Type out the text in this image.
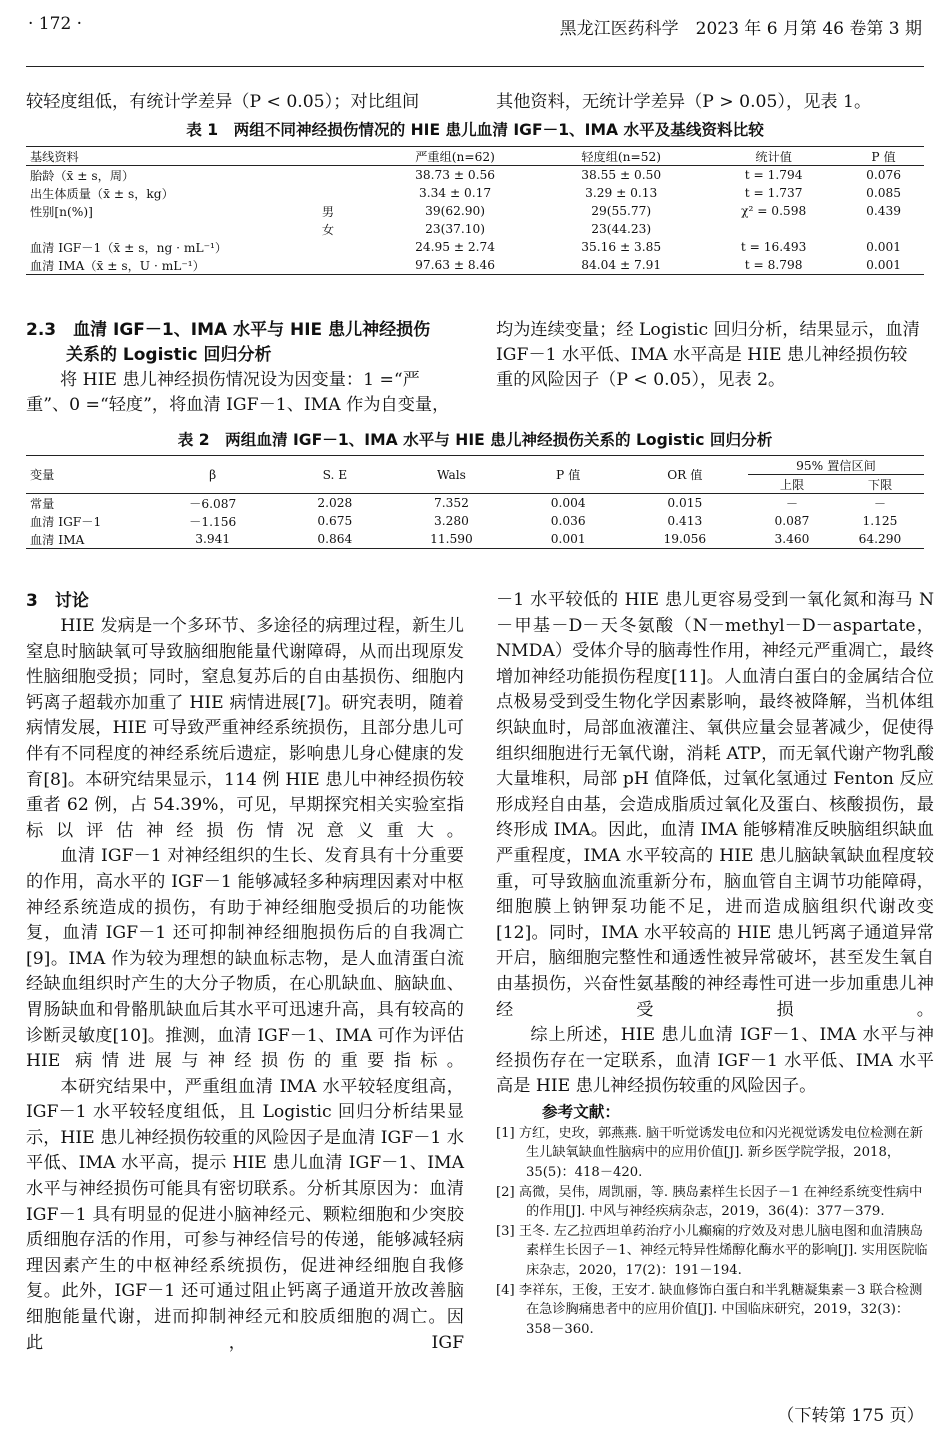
· 172 ·	黑龙江医药科学　2023 年 6 月第 46 卷第 3 期
较轻度组低，有统计学差异（P < 0.05）；对比组间	其他资料，无统计学差异（P > 0.05），见表 1。
表 1　两组不同神经损伤情况的 HIE 患儿血清 IGF－1、IMA 水平及基线资料比较
基线资料		严重组(n=62)	轻度组(n=52)	统计值	P 值
胎龄（x̄ ± s，周）		38.73 ± 0.56	38.55 ± 0.50	t = 1.794	0.076
出生体质量（x̄ ± s，kg）		3.34 ± 0.17	3.29 ± 0.13	t = 1.737	0.085
性别[n(%)]	男	39(62.90)	29(55.77)	χ² = 0.598	0.439
	女	23(37.10)	23(44.23)		
血清 IGF－1（x̄ ± s，ng · mL⁻¹）		24.95 ± 2.74	35.16 ± 3.85	t = 16.493	0.001
血清 IMA（x̄ ± s，U · mL⁻¹）		97.63 ± 8.46	84.04 ± 7.91	t = 8.798	0.001
2.3　血清 IGF－1、IMA 水平与 HIE 患儿神经损伤
关系的 Logistic 回归分析
将 HIE 患儿神经损伤情况设为因变量：1 =“严
重”、0 =“轻度”，将血清 IGF－1、IMA 作为自变量，
均为连续变量；经 Logistic 回归分析，结果显示，血清
IGF－1 水平低、IMA 水平高是 HIE 患儿神经损伤较
重的风险因子（P < 0.05），见表 2。
表 2　两组血清 IGF－1、IMA 水平与 HIE 患儿神经损伤关系的 Logistic 回归分析
变量	β	S. E	Wals	P 值	OR 值	95% 置信区间	
						上限	下限
常量	－6.087	2.028	7.352	0.004	0.015	－	－
血清 IGF－1	－1.156	0.675	3.280	0.036	0.413	0.087	1.125
血清 IMA	3.941	0.864	11.590	0.001	19.056	3.460	64.290
3　讨论

HIE 发病是一个多环节、多途径的病理过程，新生儿窒息时脑缺氧可导致脑细胞能量代谢障碍，从而出现原发性脑细胞受损；同时，窒息复苏后的自由基损伤、细胞内钙离子超载亦加重了 HIE 病情进展[7]。研究表明，随着病情发展，HIE 可导致严重神经系统损伤，且部分患儿可伴有不同程度的神经系统后遗症，影响患儿身心健康的发育[8]。本研究结果显示，114 例 HIE 患儿中神经损伤较重者 62 例，占 54.39%，可见，早期探究相关实验室指标以评估神经损伤情况意义重大。

血清 IGF－1 对神经组织的生长、发育具有十分重要的作用，高水平的 IGF－1 能够减轻多种病理因素对中枢神经系统造成的损伤，有助于神经细胞受损后的功能恢复，血清 IGF－1 还可抑制神经细胞损伤后的自我凋亡[9]。IMA 作为较为理想的缺血标志物，是人血清蛋白流经缺血组织时产生的大分子物质，在心肌缺血、脑缺血、胃肠缺血和骨骼肌缺血后其水平可迅速升高，具有较高的诊断灵敏度[10]。推测，血清 IGF－1、IMA 可作为评估 HIE 病情进展与神经损伤的重要指标。

本研究结果中，严重组血清 IMA 水平较轻度组高，IGF－1 水平较轻度组低，且 Logistic 回归分析结果显示，HIE 患儿神经损伤较重的风险因子是血清 IGF－1 水平低、IMA 水平高，提示 HIE 患儿血清 IGF－1、IMA 水平与神经损伤可能具有密切联系。分析其原因为：血清 IGF－1 具有明显的促进小脑神经元、颗粒细胞和少突胶质细胞存活的作用，可参与神经信号的传递，能够减轻病理因素产生的中枢神经系统损伤，促进神经细胞自我修复。此外，IGF－1 还可通过阻止钙离子通道开放改善脑细胞能量代谢，进而抑制神经元和胶质细胞的凋亡。因此，IGF

－1 水平较低的 HIE 患儿更容易受到一氧化氮和海马 N－甲基－D－天冬氨酸（N－methyl－D－aspartate，NMDA）受体介导的脑毒性作用，神经元严重凋亡，最终增加神经功能损伤程度[11]。人血清白蛋白的金属结合位点极易受到受生物化学因素影响，最终被降解，当机体组织缺血时，局部血液灌注、氧供应量会显著减少，促使得组织细胞进行无氧代谢，消耗 ATP，而无氧代谢产物乳酸大量堆积，局部 pH 值降低，过氧化氢通过 Fenton 反应形成羟自由基，会造成脂质过氧化及蛋白、核酸损伤，最终形成 IMA。因此，血清 IMA 能够精准反映脑组织缺血严重程度，IMA 水平较高的 HIE 患儿脑缺氧缺血程度较重，可导致脑血流重新分布，脑血管自主调节功能障碍，细胞膜上钠钾泵功能不足，进而造成脑组织代谢改变[12]。同时，IMA 水平较高的 HIE 患儿钙离子通道异常开启，脑细胞完整性和通透性被异常破坏，甚至发生氧自由基损伤，兴奋性氨基酸的神经毒性可进一步加重患儿神经受损。

综上所述，HIE 患儿血清 IGF－1、IMA 水平与神经损伤存在一定联系，血清 IGF－1 水平低、IMA 水平高是 HIE 患儿神经损伤较重的风险因子。

参考文献：
[1] 方红，史玫，郭燕燕. 脑干听觉诱发电位和闪光视觉诱发电位检测在新生儿缺氧缺血性脑病中的应用价值[J]. 新乡医学院学报，2018，35(5)：418－420.
[2] 高微，吴伟，周凯丽，等. 胰岛素样生长因子－1 在神经系统变性病中的作用[J]. 中风与神经疾病杂志，2019，36(4)：377－379.
[3] 王冬. 左乙拉西坦单药治疗小儿癫痫的疗效及对患儿脑电图和血清胰岛素样生长因子－1、神经元特异性烯醇化酶水平的影响[J]. 实用医院临床杂志，2020，17(2)：191－194.
[4] 李祥东，王俊，王安才. 缺血修饰白蛋白和半乳糖凝集素－3 联合检测在急诊胸痛患者中的应用价值[J]. 中国临床研究，2019，32(3)：358－360.
（下转第 175 页）
